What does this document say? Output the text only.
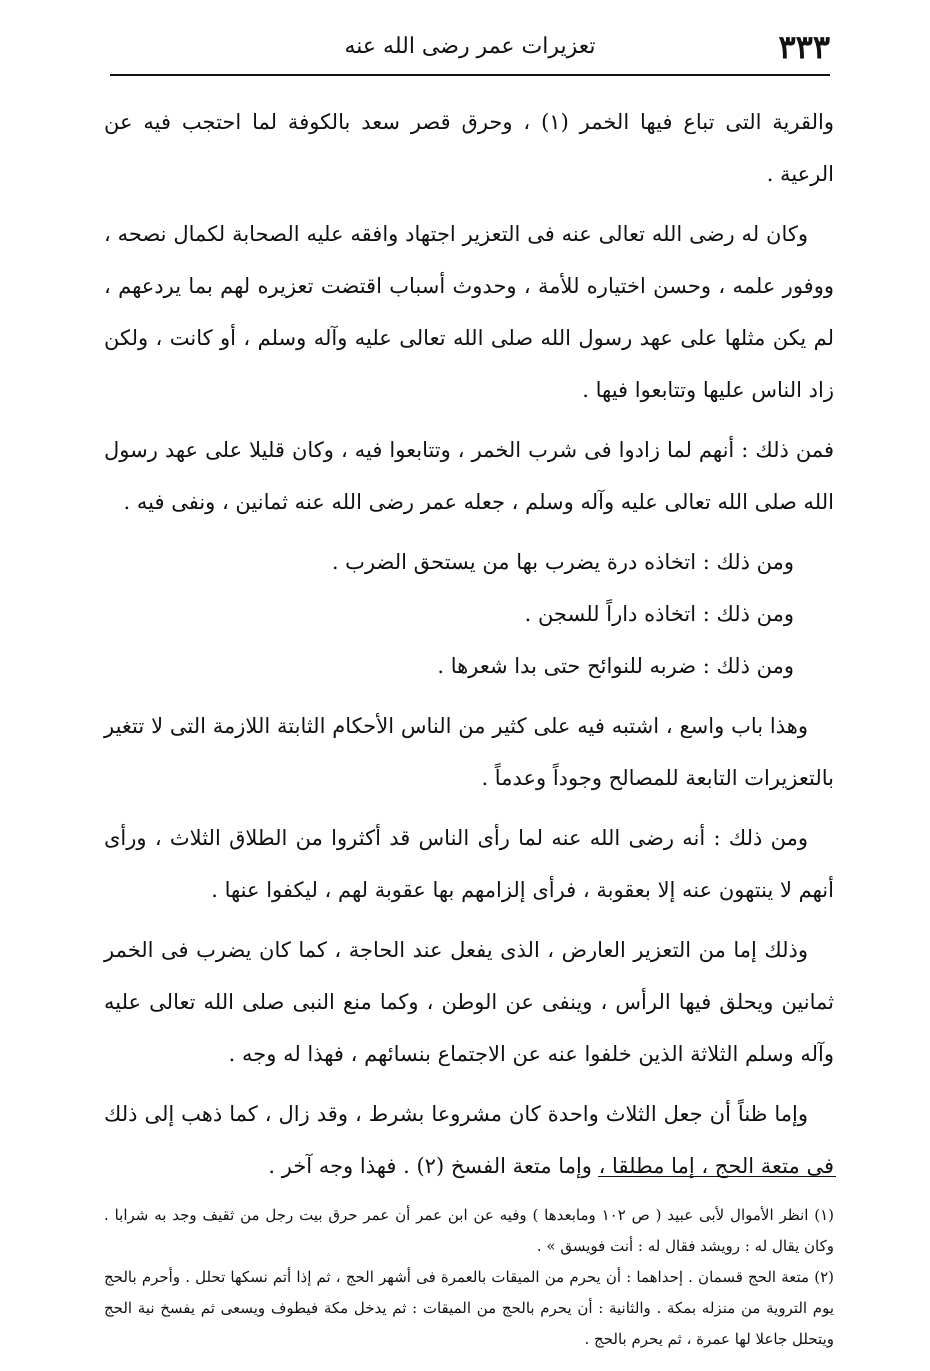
٣٣٣
تعزيرات عمر رضى الله عنه

والقرية التى تباع فيها الخمر (١) ، وحرق قصر سعد بالكوفة لما احتجب فيه عن الرعية .

وكان له رضى الله تعالى عنه فى التعزير اجتهاد وافقه عليه الصحابة لكمال نصحه ، ووفور علمه ، وحسن اختياره للأمة ، وحدوث أسباب اقتضت تعزيره لهم بما يردعهم ، لم يكن مثلها على عهد رسول الله صلى الله تعالى عليه وآله وسلم ، أو كانت ، ولكن زاد الناس عليها وتتابعوا فيها .

فمن ذلك : أنهم لما زادوا فى شرب الخمر ، وتتابعوا فيه ، وكان قليلا على عهد رسول الله صلى الله تعالى عليه وآله وسلم ، جعله عمر رضى الله عنه ثمانين ، ونفى فيه .

ومن ذلك : اتخاذه درة يضرب بها من يستحق الضرب .

ومن ذلك : اتخاذه داراً للسجن .

ومن ذلك : ضربه للنوائح حتى بدا شعرها .

وهذا باب واسع ، اشتبه فيه على كثير من الناس الأحكام الثابتة اللازمة التى لا تتغير بالتعزيرات التابعة للمصالح وجوداً وعدماً .

ومن ذلك : أنه رضى الله عنه لما رأى الناس قد أكثروا من الطلاق الثلاث ، ورأى أنهم لا ينتهون عنه إلا بعقوبة ، فرأى إلزامهم بها عقوبة لهم ، ليكفوا عنها .

وذلك إما من التعزير العارض ، الذى يفعل عند الحاجة ، كما كان يضرب فى الخمر ثمانين ويحلق فيها الرأس ، وينفى عن الوطن ، وكما منع النبى صلى الله تعالى عليه وآله وسلم الثلاثة الذين خلفوا عنه عن الاجتماع بنسائهم ، فهذا له وجه .

وإما ظناً أن جعل الثلاث واحدة كان مشروعا بشرط ، وقد زال ، كما ذهب إلى ذلك فى متعة الحج ، إما مطلقا ، وإما متعة الفسخ (٢) . فهذا وجه آخر .

(١) انظر الأموال لأبى عبيد ( ص ١٠٢ ومابعدها ) وفيه عن ابن عمر أن عمر حرق بيت رجل من ثقيف وجد به شرابا . وكان يقال له : رويشد فقال له : أنت فويسق » .

(٢) متعة الحج قسمان . إحداهما : أن يحرم من الميقات بالعمرة فى أشهر الحج ، ثم إذا أتم نسكها تحلل . وأحرم بالحج يوم التروية من منزله بمكة . والثانية : أن يحرم بالحج من الميقات : ثم يدخل مكة فيطوف ويسعى ثم يفسخ نية الحج ويتحلل جاعلا لها عمرة ، ثم يحرم بالحج .
